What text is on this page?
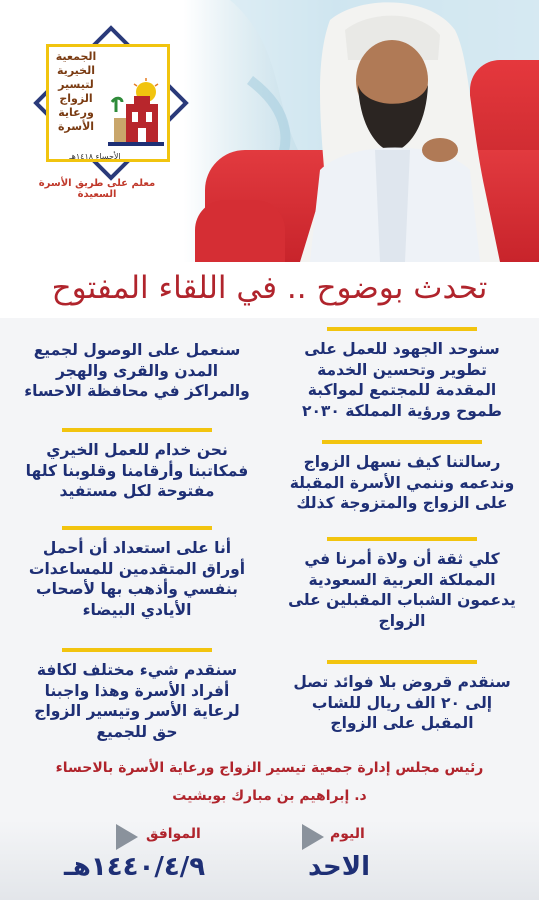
الجمعية
الخيرية
لتيسير
الزواج
ورعاية
الأسرة
الأحساء ١٤١٨هـ
معلم على طريق الأسرة السعيدة
تحدث بوضوح .. في اللقاء المفتوح
سنوحد الجهود للعمل على تطوير وتحسين الخدمة المقدمة للمجتمع لمواكبة طموح ورؤية المملكة ٢٠٣٠
رسالتنا كيف نسهل الزواج وندعمه وننمي الأسرة المقبلة على الزواج والمتزوجة كذلك
كلي ثقة أن ولاة أمرنا في المملكة العربية السعودية يدعمون الشباب المقبلين على الزواج
سنقدم قروض بلا فوائد تصل إلى ٢٠ الف ريال للشاب المقبل على الزواج
سنعمل على الوصول لجميع المدن والقرى والهجر والمراكز في محافظة الاحساء
نحن خدام للعمل الخيري فمكاتبنا وأرقامنا وقلوبنا كلها مفتوحة لكل مستفيد
أنا على استعداد أن أحمل أوراق المتقدمين للمساعدات بنفسي وأذهب بها لأصحاب الأيادي البيضاء
سنقدم شيء مختلف لكافة أفراد الأسرة وهذا واجبنا لرعاية الأسر وتيسير الزواج حق للجميع
رئيس مجلس إدارة جمعية تيسير الزواج ورعاية الأسرة بالاحساء
د. إبراهيم بن مبارك بوبشيت
اليوم
الاحد
الموافق
١٤٤٠/٤/٩هـ
